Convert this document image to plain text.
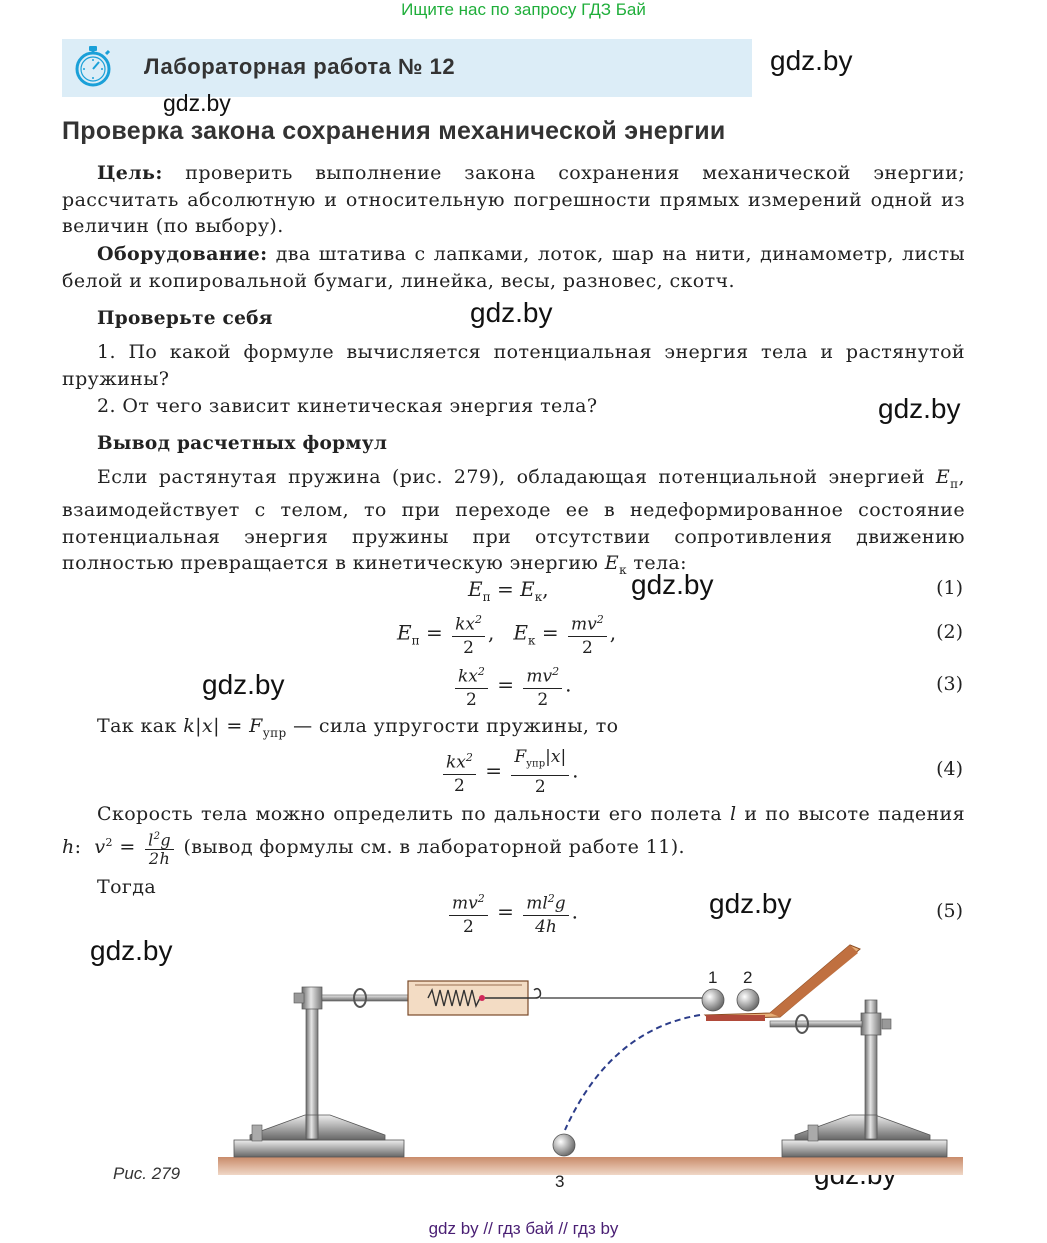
Ищите нас по запросу ГДЗ Бай
Лабораторная работа № 12	gdz.by
gdz.by
gdz.by
gdz.by
gdz.by
gdz.by
gdz.by
gdz.by
Проверка закона сохранения механической энергии
Цель: проверить выполнение закона сохранения механической энергии; рассчитать абсолютную и относительную погрешности прямых измерений одной из величин (по выбору).
Оборудование: два штатива с лапками, лоток, шар на нити, динамометр, листы белой и копировальной бумаги, линейка, весы, разновес, скотч.
Проверьте себя
1. По какой формуле вычисляется потенциальная энергия тела и растянутой пружины?
2. От чего зависит кинетическая энергия тела?
Вывод расчетных формул
Если растянутая пружина (рис. 279), обладающая потенциальной энергией $E_п$, взаимодействует с телом, то при переходе ее в недеформированное состояние потенциальная энергия пружины при отсутствии сопротивления движению полностью превращается в кинетическую энергию $E_к$ тела:
$E_п = E_к$,	(1)
$E_п = \frac{kx^2}{2}$ ,   $E_к = \frac{mv^2}{2}$ ,	(2)
$\frac{kx^2}{2} = \frac{mv^2}{2}$ .	(3)
Так как $k|x| = F_{упр}$ — сила упругости пружины, то
$\frac{kx^2}{2} = \frac{F_{упр}|x|}{2}$ .	(4)
Скорость тела можно определить по дальности его полета l и по высоте падения h:  $v^2 = \frac{l^2g}{2h}$ (вывод формулы см. в лабораторной работе 11).
Тогда
$\frac{mv^2}{2} = \frac{ml^2g}{4h}$ .	(5)
1 2
3
Рис. 279
gdz by // гдз бай // гдз by
